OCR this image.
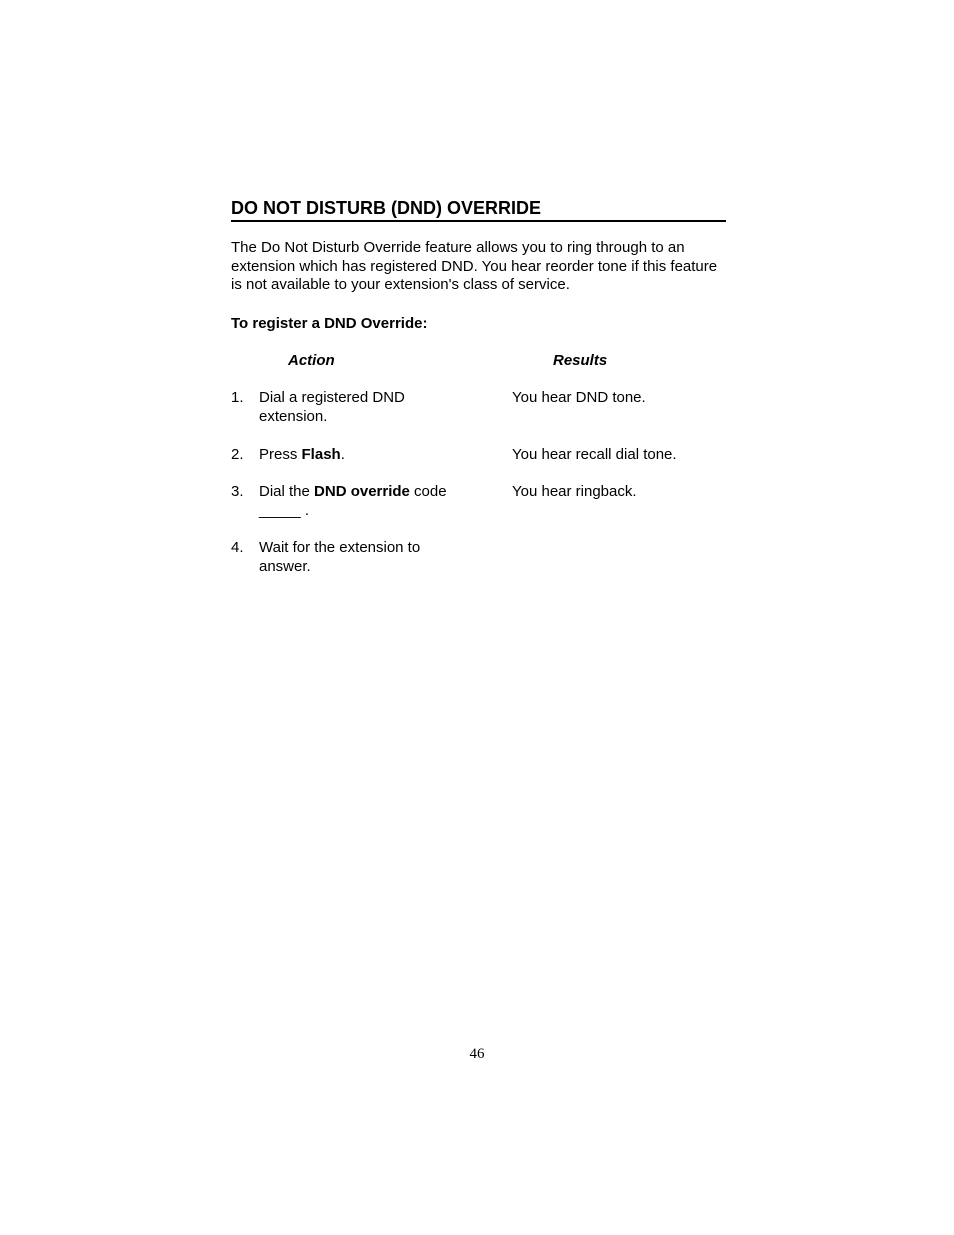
DO NOT DISTURB (DND) OVERRIDE

The Do Not Disturb Override feature allows you to ring through to an extension which has registered DND. You hear reorder tone if this feature is not available to your extension's class of service.

To register a DND Override:
Action	Results
1. Dial a registered DND extension.
You hear DND tone.
2. Press Flash.	You hear recall dial tone.
3. Dial the DND override code _____ .
You hear ringback.
4. Wait for the extension to answer.
46
